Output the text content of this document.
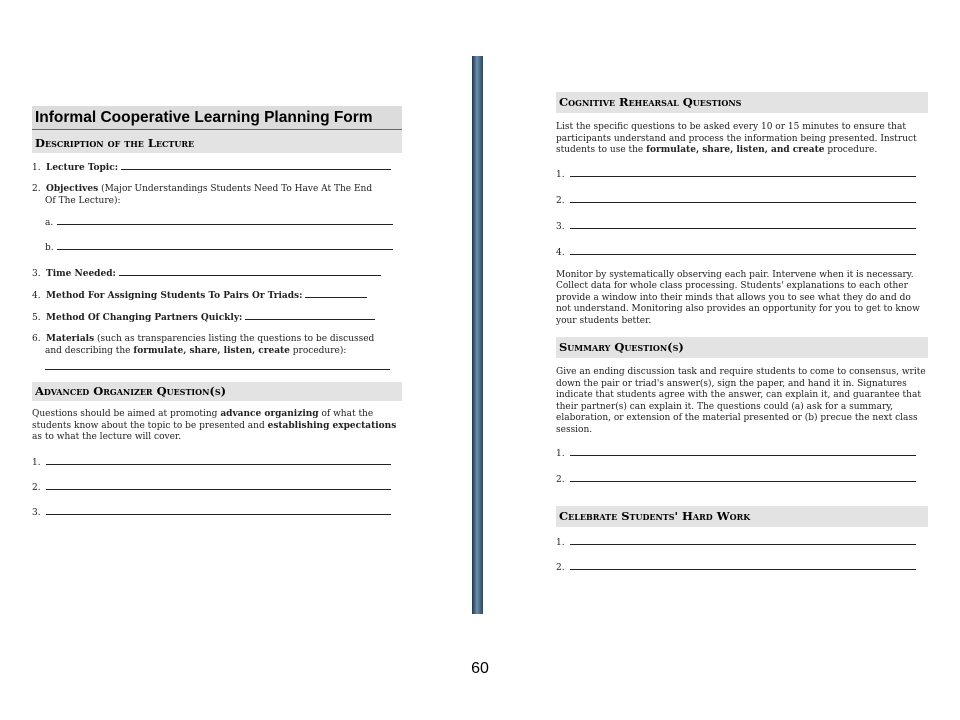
Informal Cooperative Learning Planning Form
Description of the Lecture
1. Lecture Topic:
2. Objectives (Major Understandings Students Need To Have At The End
Of The Lecture):
a.
b.
3. Time Needed:
4. Method For Assigning Students To Pairs Or Triads:
5. Method Of Changing Partners Quickly:
6. Materials (such as transparencies listing the questions to be discussed
and describing the formulate, share, listen, create procedure):
Advanced Organizer Question(s)
Questions should be aimed at promoting advance organizing of what the students know about the topic to be presented and establishing expectations as to what the lecture will cover.
1.
2.
3.
Cognitive Rehearsal Questions
List the specific questions to be asked every 10 or 15 minutes to ensure that participants understand and process the information being presented. Instruct students to use the formulate, share, listen, and create procedure.
1.
2.
3.
4.
Monitor by systematically observing each pair. Intervene when it is necessary. Collect data for whole class processing. Students' explanations to each other provide a window into their minds that allows you to see what they do and do not understand. Monitoring also provides an opportunity for you to get to know your students better.
Summary Question(s)
Give an ending discussion task and require students to come to consensus, write down the pair or triad's answer(s), sign the paper, and hand it in. Signatures indicate that students agree with the answer, can explain it, and guarantee that their partner(s) can explain it. The questions could (a) ask for a summary, elaboration, or extension of the material presented or (b) precue the next class session.
1.
2.
Celebrate Students' Hard Work
1.
2.
60
